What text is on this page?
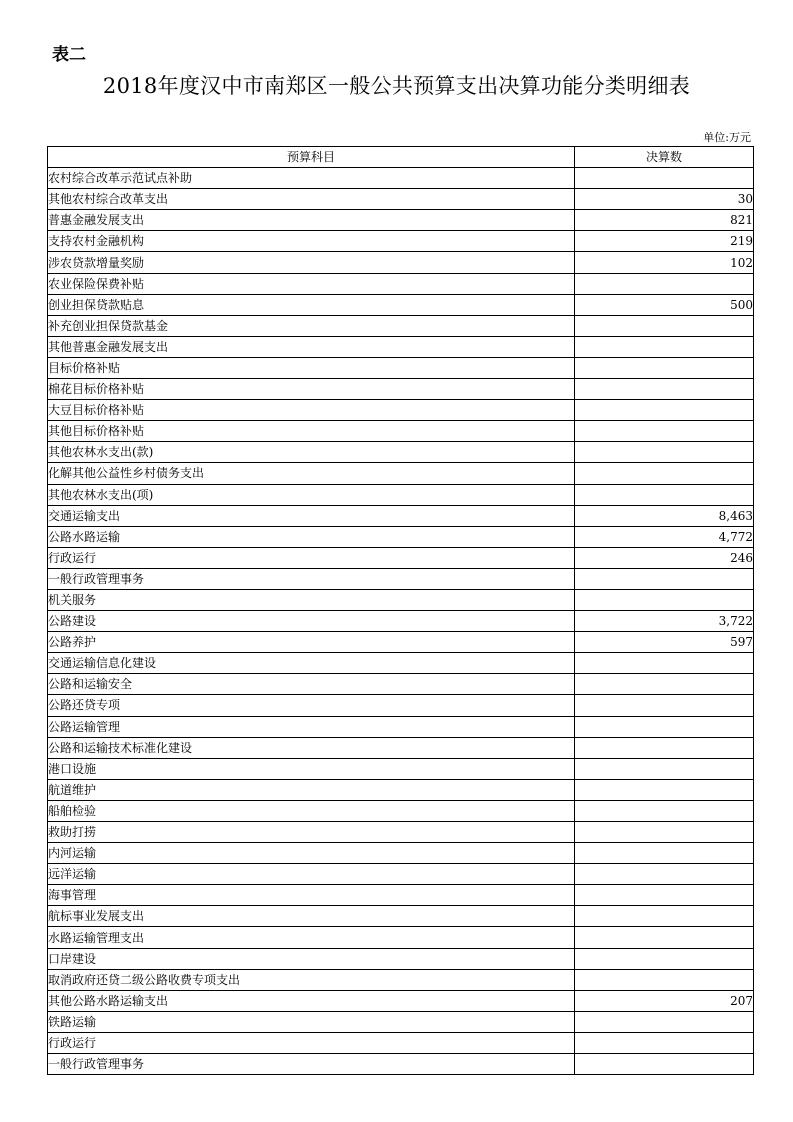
表二
2018年度汉中市南郑区一般公共预算支出决算功能分类明细表
单位:万元
预算科目	决算数
农村综合改革示范试点补助	
其他农村综合改革支出	30
普惠金融发展支出	821
支持农村金融机构	219
涉农贷款增量奖励	102
农业保险保费补贴	
创业担保贷款贴息	500
补充创业担保贷款基金	
其他普惠金融发展支出	
目标价格补贴	
棉花目标价格补贴	
大豆目标价格补贴	
其他目标价格补贴	
其他农林水支出(款)	
化解其他公益性乡村债务支出	
其他农林水支出(项)	
交通运输支出	8,463
公路水路运输	4,772
行政运行	246
一般行政管理事务	
机关服务	
公路建设	3,722
公路养护	597
交通运输信息化建设	
公路和运输安全	
公路还贷专项	
公路运输管理	
公路和运输技术标准化建设	
港口设施	
航道维护	
船舶检验	
救助打捞	
内河运输	
远洋运输	
海事管理	
航标事业发展支出	
水路运输管理支出	
口岸建设	
取消政府还贷二级公路收费专项支出	
其他公路水路运输支出	207
铁路运输	
行政运行	
一般行政管理事务	
